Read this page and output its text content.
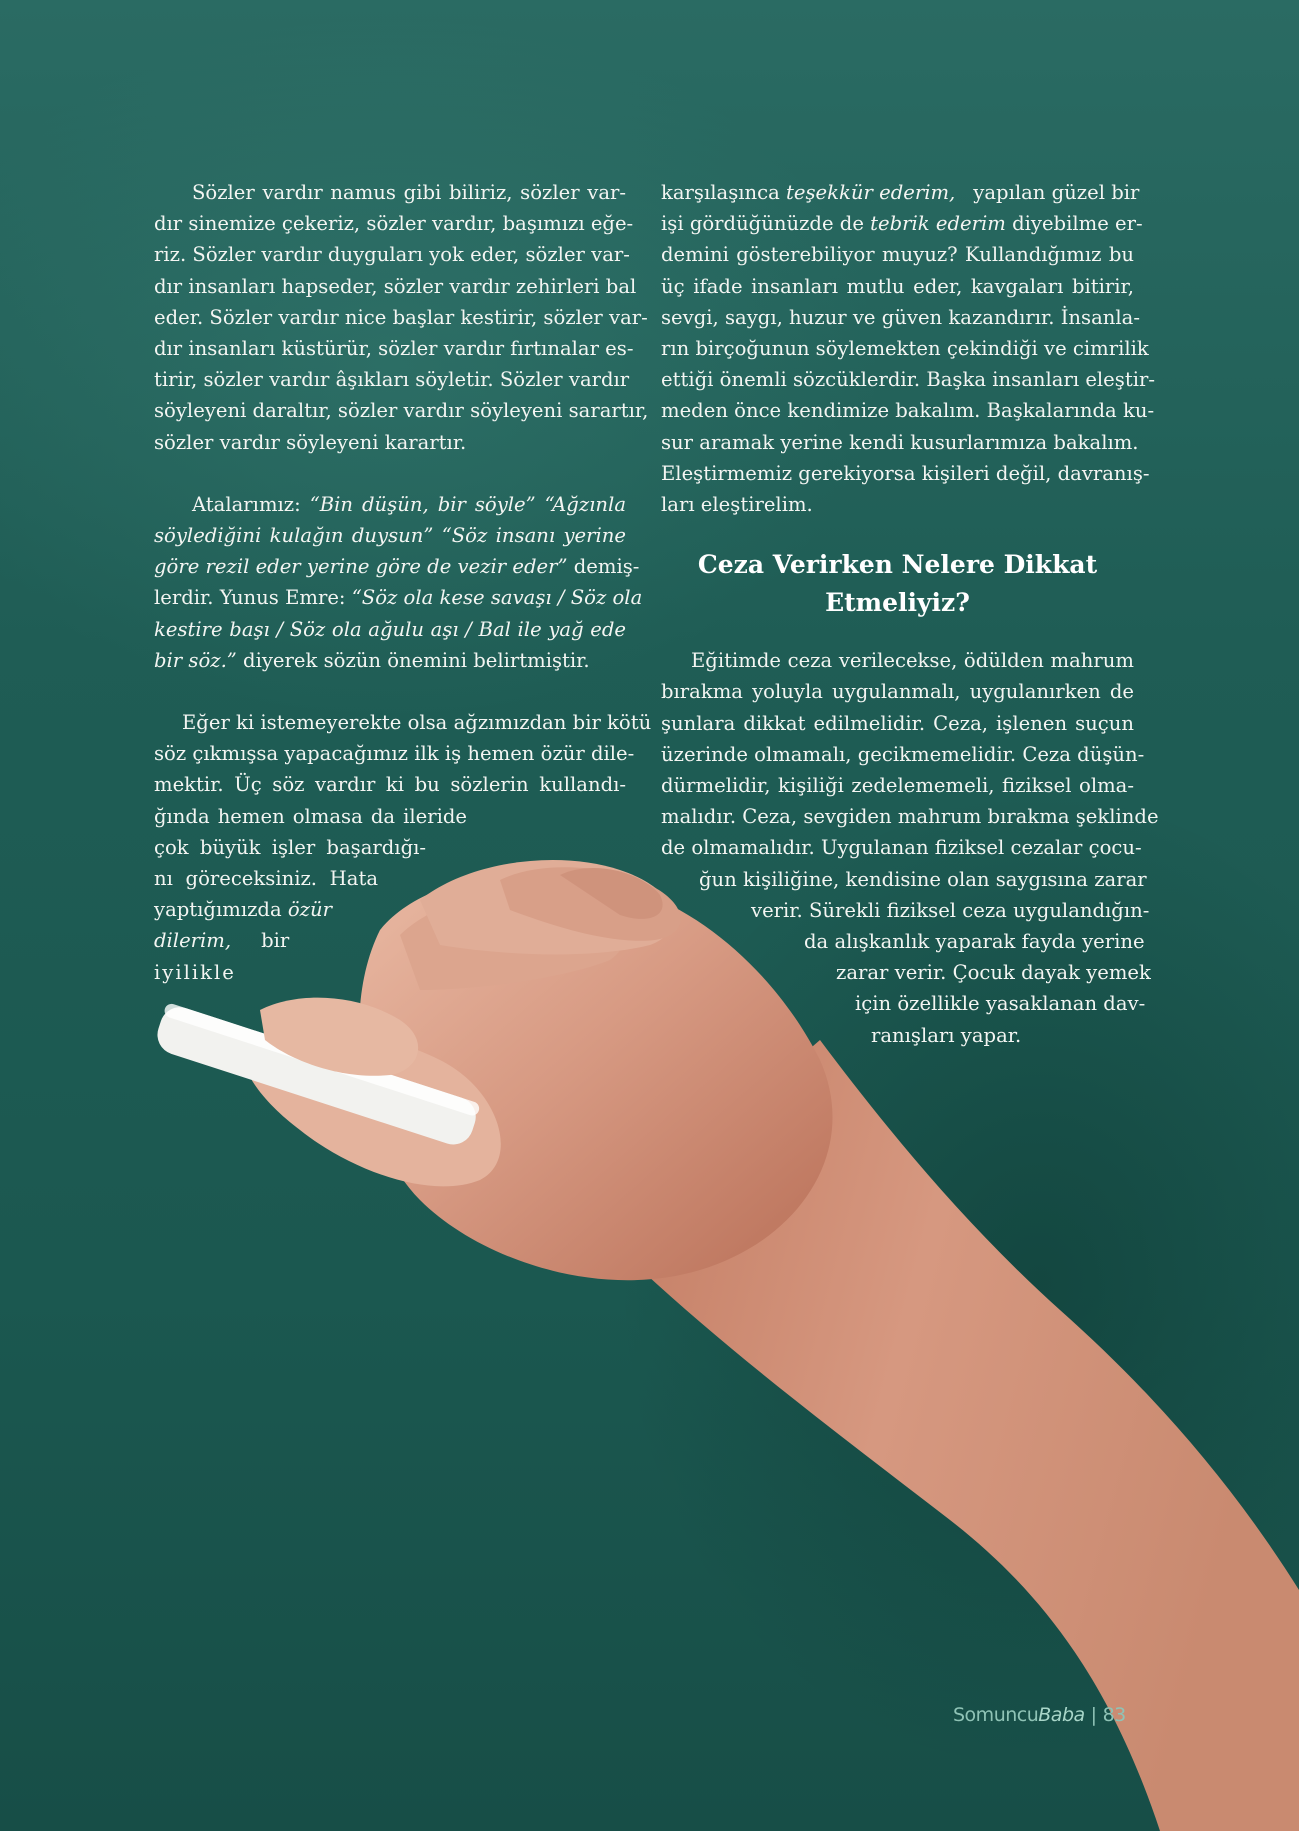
Sözler vardır namus gibi biliriz, sözler var-

dır sinemize çekeriz, sözler vardır, başımızı eğe-

riz. Sözler vardır duyguları yok eder, sözler var-

dır insanları hapseder, sözler vardır zehirleri bal

eder. Sözler vardır nice başlar kestirir, sözler var-

dır insanları küstürür, sözler vardır fırtınalar es-

tirir, sözler vardır âşıkları söyletir. Sözler vardır

söyleyeni daraltır, sözler vardır söyleyeni sarartır,

sözler vardır söyleyeni karartır.

Atalarımız: “Bin düşün, bir söyle” “Ağzınla

söylediğini kulağın duysun” “Söz insanı yerine

göre rezil eder yerine göre de vezir eder” demiş-

lerdir. Yunus Emre: “Söz ola kese savaşı / Söz ola

kestire başı / Söz ola ağulu aşı / Bal ile yağ ede

bir söz.” diyerek sözün önemini belirtmiştir.

Eğer ki istemeyerekte olsa ağzımızdan bir kötü

söz çıkmışsa yapacağımız ilk iş hemen özür dile-

mektir. Üç söz vardır ki bu sözlerin kullandı-

ğında hemen olmasa da ileride

çok büyük işler başardığı-

nı göreceksiniz. Hata

yaptığımızda özür

dilerim, bir

iyilikle

karşılaşınca teşekkür ederim, yapılan güzel bir

işi gördüğünüzde de tebrik ederim diyebilme er-

demini gösterebiliyor muyuz? Kullandığımız bu

üç ifade insanları mutlu eder, kavgaları bitirir,

sevgi, saygı, huzur ve güven kazandırır. İnsanla-

rın birçoğunun söylemekten çekindiği ve cimrilik

ettiği önemli sözcüklerdir. Başka insanları eleştir-

meden önce kendimize bakalım. Başkalarında ku-

sur aramak yerine kendi kusurlarımıza bakalım.

Eleştirmemiz gerekiyorsa kişileri değil, davranış-

ları eleştirelim.

Ceza Verirken Nelere Dikkat
Etmeliyiz?

Eğitimde ceza verilecekse, ödülden mahrum

bırakma yoluyla uygulanmalı, uygulanırken de

şunlara dikkat edilmelidir. Ceza, işlenen suçun

üzerinde olmamalı, gecikmemelidir. Ceza düşün-

dürmelidir, kişiliği zedelememeli, fiziksel olma-

malıdır. Ceza, sevgiden mahrum bırakma şeklinde

de olmamalıdır. Uygulanan fiziksel cezalar çocu-

ğun kişiliğine, kendisine olan saygısına zarar

verir. Sürekli fiziksel ceza uygulandığın-

da alışkanlık yaparak fayda yerine

zarar verir. Çocuk dayak yemek

için özellikle yasaklanan dav-

ranışları yapar.

SomuncuBaba | 83
